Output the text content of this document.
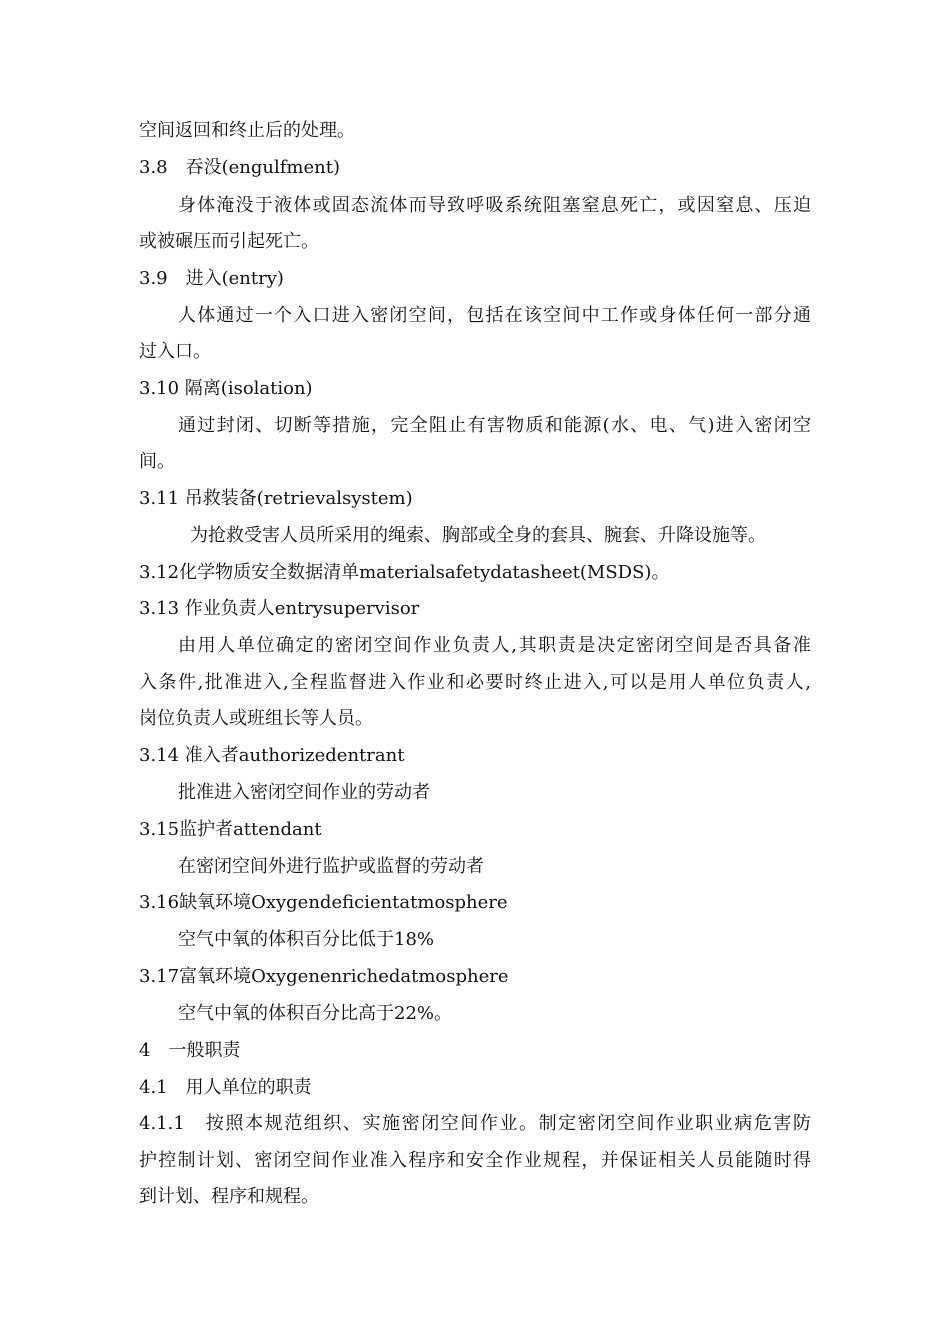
空间返回和终止后的处理。
3.8　吞没(engulfment)
身体淹没于液体或固态流体而导致呼吸系统阻塞窒息死亡，或因窒息、压迫
或被碾压而引起死亡。
3.9　进入(entry)
人体通过一个入口进入密闭空间，包括在该空间中工作或身体任何一部分通
过入口。
3.10 隔离(isolation)
通过封闭、切断等措施，完全阻止有害物质和能源(水、电、气)进入密闭空
间。
3.11 吊救装备(retrievalsystem)
为抢救受害人员所采用的绳索、胸部或全身的套具、腕套、升降设施等。
3.12化学物质安全数据清单materialsafetydatasheet(MSDS)。
3.13 作业负责人entrysupervisor
由用人单位确定的密闭空间作业负责人,其职责是决定密闭空间是否具备准
入条件,批准进入,全程监督进入作业和必要时终止进入,可以是用人单位负责人,
岗位负责人或班组长等人员。
3.14 准入者authorizedentrant
批准进入密闭空间作业的劳动者
3.15监护者attendant
在密闭空间外进行监护或监督的劳动者
3.16缺氧环境Oxygendeficientatmosphere
空气中氧的体积百分比低于18%
3.17富氧环境Oxygenenrichedatmosphere
空气中氧的体积百分比高于22%。
4　一般职责
4.1　用人单位的职责
4.1.1　按照本规范组织、实施密闭空间作业。制定密闭空间作业职业病危害防
护控制计划、密闭空间作业准入程序和安全作业规程，并保证相关人员能随时得
到计划、程序和规程。
